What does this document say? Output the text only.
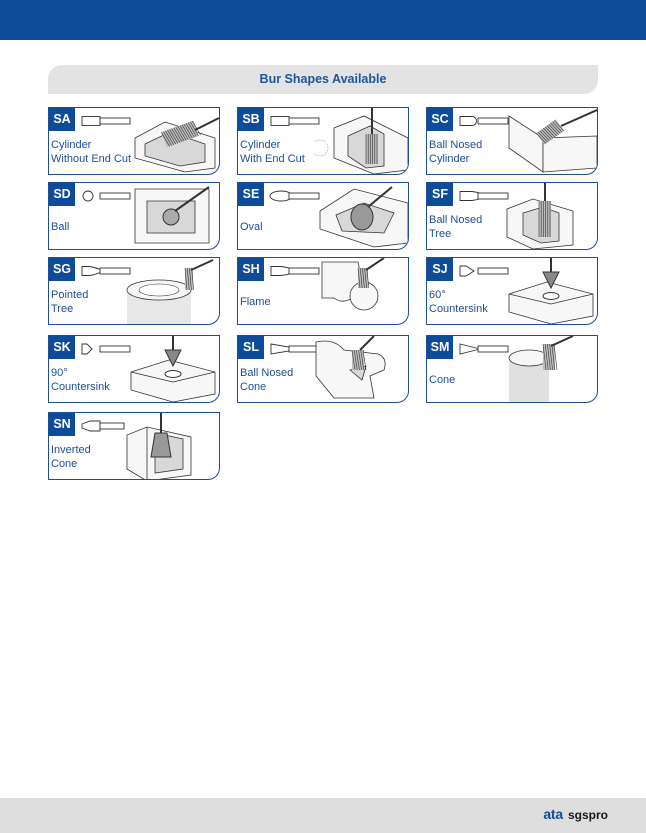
Bur Shapes Available
SA
Cylinder
Without End Cut
SB
Cylinder
With End Cut
SC
Ball Nosed
Cylinder
SD
Ball
SE
Oval
SF
Ball Nosed
Tree
SG
Pointed
Tree
SH
Flame
SJ
60°
Countersink
SK
90°
Countersink
SL
Ball Nosed
Cone
SM
Cone
SN
Inverted
Cone
ata sgspro
